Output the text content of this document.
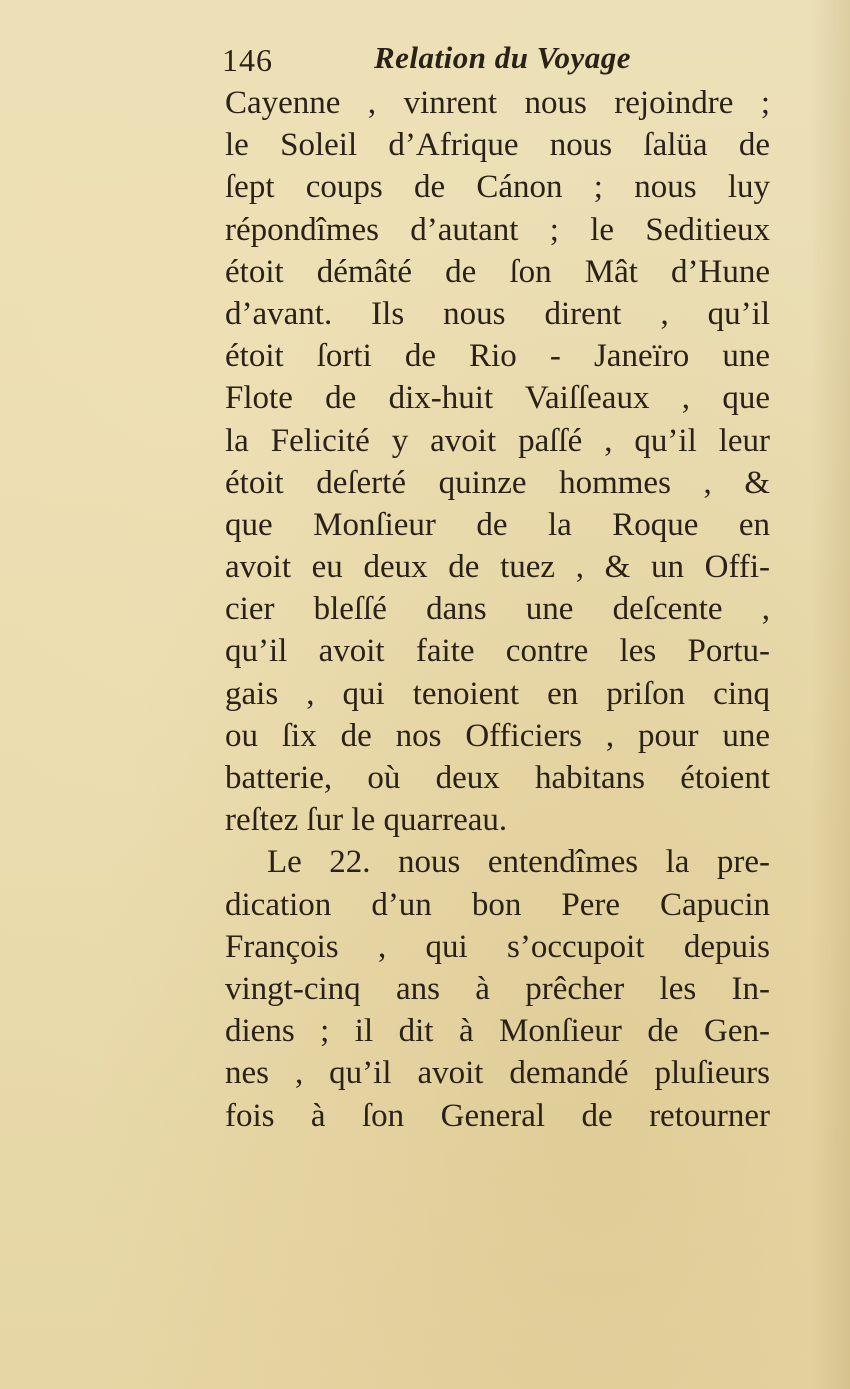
146	Relation du Voyage
Cayenne , vinrent nous rejoindre ;
le Soleil d’Afrique nous ſalüa de
ſept coups de Cánon ; nous luy
répondîmes d’autant ; le Seditieux
étoit démâté de ſon Mât d’Hune
d’avant. Ils nous dirent , qu’il
étoit ſorti de Rio - Janeïro une
Flote de dix-huit Vaiſſeaux , que
la Felicité y avoit paſſé , qu’il leur
étoit deſerté quinze hommes , &
que Monſieur de la Roque en
avoit eu deux de tuez , & un Offi-
cier bleſſé dans une deſcente ,
qu’il avoit faite contre les Portu-
gais , qui tenoient en priſon cinq
ou ſix de nos Officiers , pour une
batterie, où deux habitans étoient
reſtez ſur le quarreau.
Le 22. nous entendîmes la pre-
dication d’un bon Pere Capucin
François , qui s’occupoit depuis
vingt-cinq ans à prêcher les In-
diens ; il dit à Monſieur de Gen-
nes , qu’il avoit demandé pluſieurs
fois à ſon General de retourner
